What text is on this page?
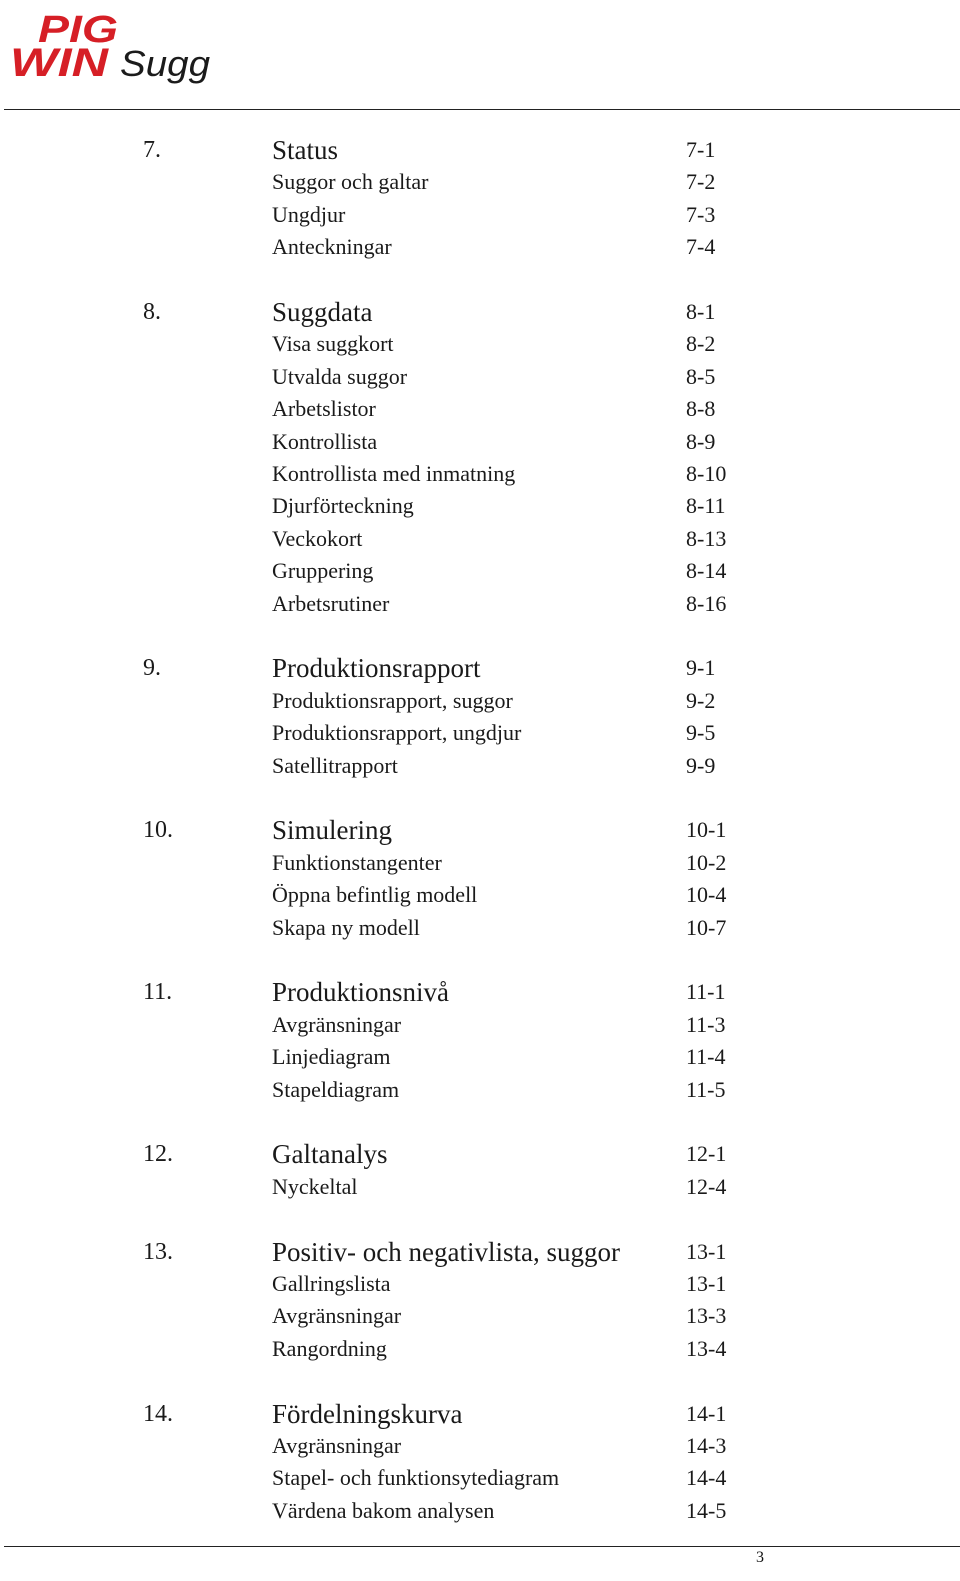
PIG
WIN Sugg
7.	Status	7-1
Suggor och galtar	7-2
Ungdjur	7-3
Anteckningar	7-4
8.	Suggdata	8-1
Visa suggkort	8-2
Utvalda suggor	8-5
Arbetslistor	8-8
Kontrollista	8-9
Kontrollista med inmatning	8-10
Djurförteckning	8-11
Veckokort	8-13
Gruppering	8-14
Arbetsrutiner	8-16
9.	Produktionsrapport	9-1
Produktionsrapport, suggor	9-2
Produktionsrapport, ungdjur	9-5
Satellitrapport	9-9
10.	Simulering	10-1
Funktionstangenter	10-2
Öppna befintlig modell	10-4
Skapa ny modell	10-7
11.	Produktionsnivå	11-1
Avgränsningar	11-3
Linjediagram	11-4
Stapeldiagram	11-5
12.	Galtanalys	12-1
Nyckeltal	12-4
13.	Positiv- och negativlista, suggor	13-1
Gallringslista	13-1
Avgränsningar	13-3
Rangordning	13-4
14.	Fördelningskurva	14-1
Avgränsningar	14-3
Stapel- och funktionsytediagram	14-4
Värdena bakom analysen	14-5
3
